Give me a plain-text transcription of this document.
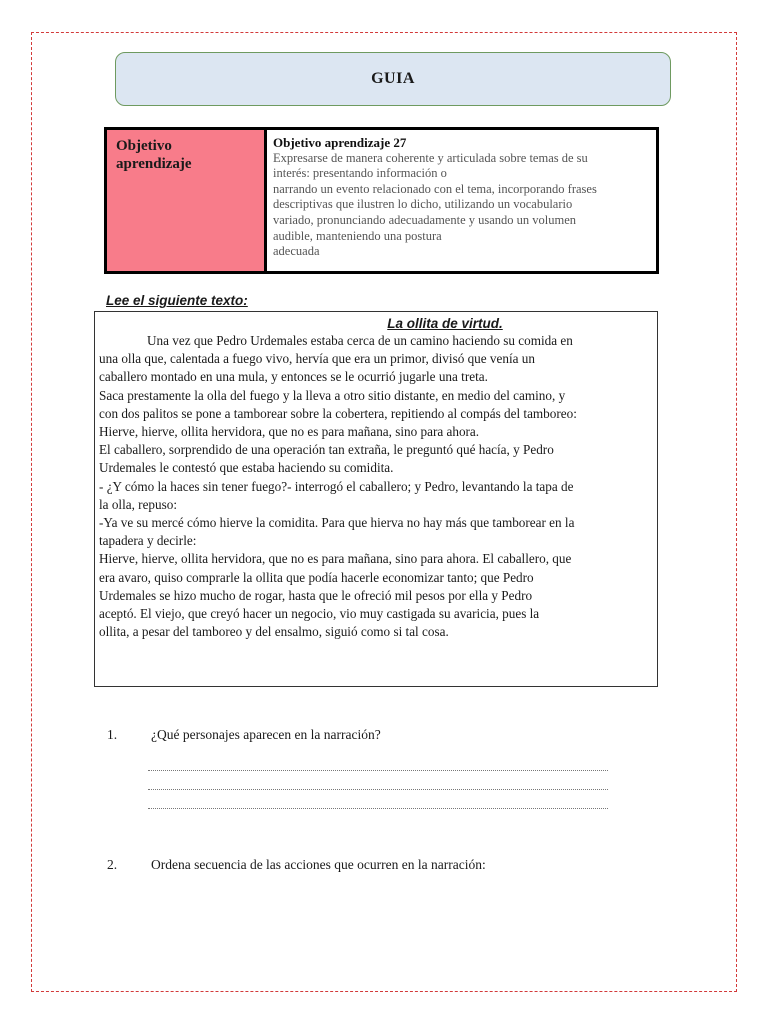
GUIA
Objetivo
aprendizaje
Objetivo aprendizaje 27
Expresarse de manera coherente y articulada sobre temas de su
interés: presentando información o
narrando un evento relacionado con el tema, incorporando frases
descriptivas que ilustren lo dicho, utilizando un vocabulario
variado, pronunciando adecuadamente y usando un volumen
audible, manteniendo una postura
adecuada
Lee el siguiente texto:
La ollita de virtud.
Una vez que Pedro Urdemales estaba cerca de un camino haciendo su comida en
una olla que, calentada a fuego vivo, hervía que era un primor, divisó que venía un
caballero montado en una mula, y entonces se le ocurrió jugarle una treta.
Saca prestamente la olla del fuego y la lleva a otro sitio distante, en medio del camino, y
con dos palitos se pone a tamborear sobre la cobertera, repitiendo al compás del tamboreo:
Hierve, hierve, ollita hervidora, que no es para mañana, sino para ahora.
El caballero, sorprendido de una operación tan extraña, le preguntó qué hacía, y Pedro
Urdemales le contestó que estaba haciendo su comidita.
- ¿Y cómo la haces sin tener fuego?- interrogó el caballero; y Pedro, levantando la tapa de
la olla, repuso:
-Ya ve su mercé cómo hierve la comidita. Para que hierva no hay más que tamborear en la
tapadera y decirle:
Hierve, hierve, ollita hervidora, que no es para mañana, sino para ahora. El caballero, que
era avaro, quiso comprarle la ollita que podía hacerle economizar tanto; que Pedro
Urdemales se hizo mucho de rogar, hasta que le ofreció mil pesos por ella y Pedro
aceptó. El viejo, que creyó hacer un negocio, vio muy castigada su avaricia, pues la
ollita, a pesar del tamboreo y del ensalmo, siguió como si tal cosa.
1.	¿Qué personajes aparecen en la narración?
2.	Ordena secuencia de las acciones que ocurren en la narración:
